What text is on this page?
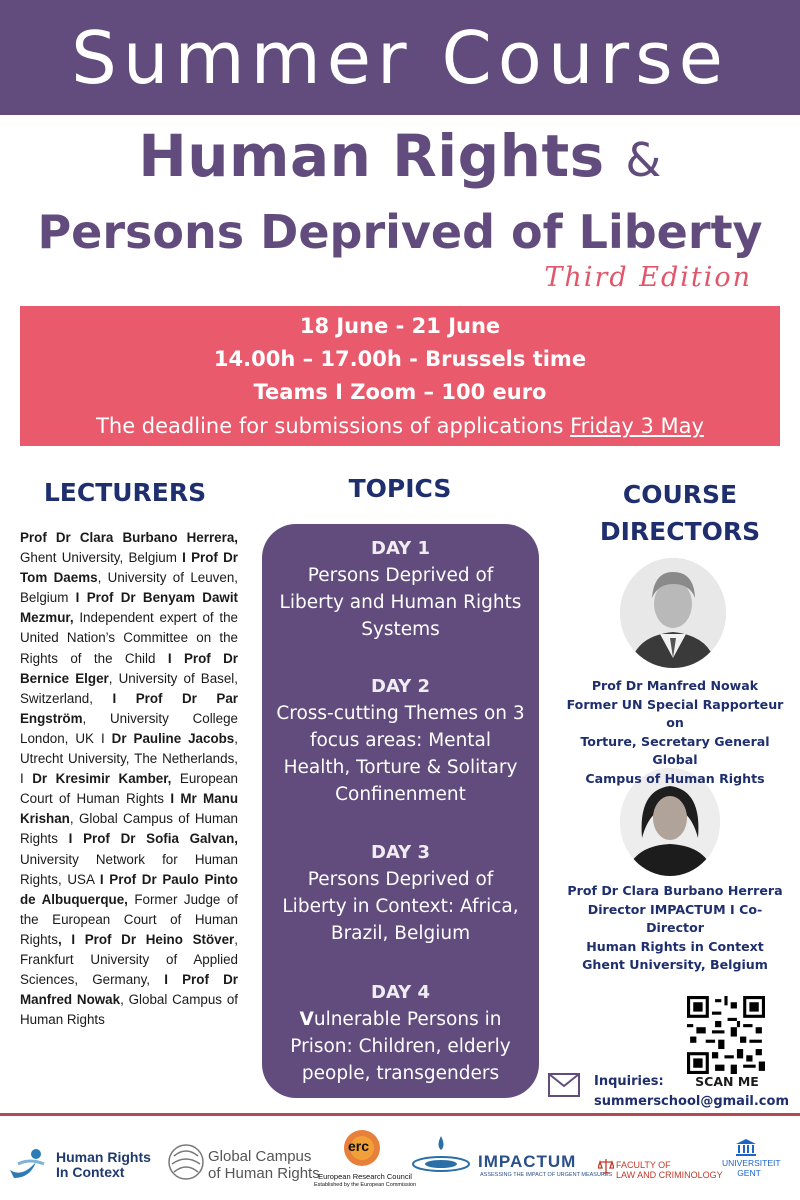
Summer Course
Human Rights &
Persons Deprived of Liberty
Third Edition
18 June - 21 June
14.00h – 17.00h - Brussels time
Teams I Zoom – 100 euro
The deadline for submissions of applications Friday 3 May
LECTURERS	TOPICS	COURSE
DIRECTORS
Prof Dr Clara Burbano Herrera, Ghent University, Belgium I Prof Dr Tom Daems, University of Leuven, Belgium I Prof Dr Benyam Dawit Mezmur, Independent expert of the United Nation’s Committee on the Rights of the Child I Prof Dr Bernice Elger, University of Basel, Switzerland, I Prof Dr Par Engström, University College London, UK I Dr Pauline Jacobs, Utrecht University, The Netherlands, I Dr Kresimir Kamber, European Court of Human Rights I Mr Manu Krishan, Global Campus of Human Rights I Prof Dr Sofia Galvan, University Network for Human Rights, USA I Prof Dr Paulo Pinto de Albuquerque, Former Judge of the European Court of Human Rights, I Prof Dr Heino Stöver, Frankfurt University of Applied Sciences, Germany, I Prof Dr Manfred Nowak, Global Campus of Human Rights
DAY 1
Persons Deprived of Liberty and Human Rights Systems
DAY 2
Cross-cutting Themes on 3 focus areas: Mental Health, Torture & Solitary Confinenment
DAY 3
Persons Deprived of Liberty in Context: Africa, Brazil, Belgium
DAY 4
Vulnerable Persons in Prison: Children, elderly people, transgenders
Prof Dr Manfred Nowak
Former UN Special Rapporteur on
Torture, Secretary General Global
Campus of Human Rights
Prof Dr Clara Burbano Herrera
Director IMPACTUM I Co-Director
Human Rights in Context
Ghent University, Belgium
SCAN ME
Inquiries:
summerschool@gmail.com
Human Rights
In Context
Global Campus
of Human Rights
erc
European Research Council
Established by the European Commission
IMPACTUM
ASSESSING THE IMPACT OF URGENT MEASURES
FACULTY OF
LAW AND CRIMINOLOGY
UNIVERSITEIT
GENT
